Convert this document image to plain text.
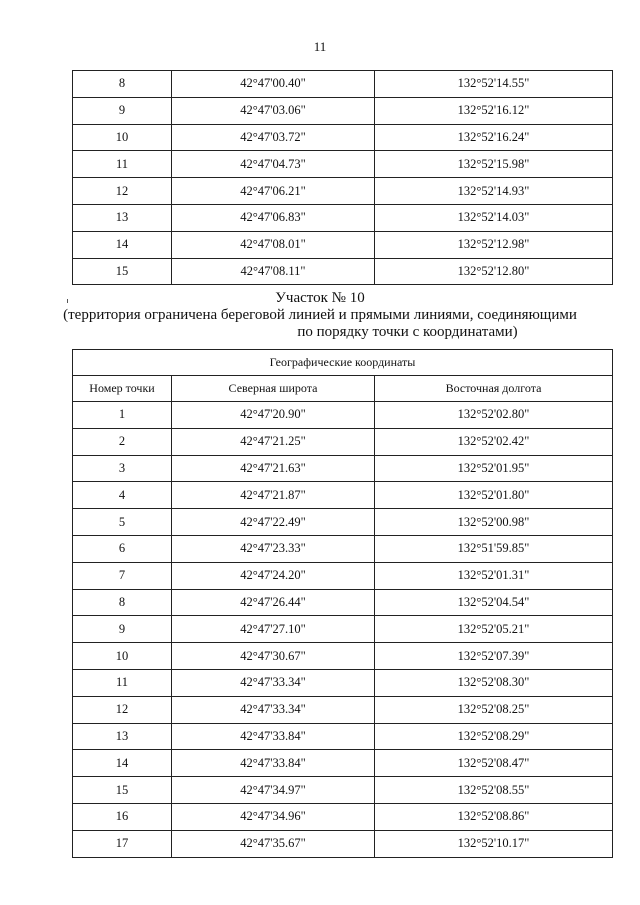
11
8	42°47'00.40"	132°52'14.55"
9	42°47'03.06"	132°52'16.12"
10	42°47'03.72"	132°52'16.24"
11	42°47'04.73"	132°52'15.98"
12	42°47'06.21"	132°52'14.93"
13	42°47'06.83"	132°52'14.03"
14	42°47'08.01"	132°52'12.98"
15	42°47'08.11"	132°52'12.80"
Участок № 10
(территория ограничена береговой линией и прямыми линиями, соединяющими
по порядку точки с координатами)
Географические координаты		
Номер точки	Северная широта	Восточная долгота
1	42°47'20.90"	132°52'02.80"
2	42°47'21.25"	132°52'02.42"
3	42°47'21.63"	132°52'01.95"
4	42°47'21.87"	132°52'01.80"
5	42°47'22.49"	132°52'00.98"
6	42°47'23.33"	132°51'59.85"
7	42°47'24.20"	132°52'01.31"
8	42°47'26.44"	132°52'04.54"
9	42°47'27.10"	132°52'05.21"
10	42°47'30.67"	132°52'07.39"
11	42°47'33.34"	132°52'08.30"
12	42°47'33.34"	132°52'08.25"
13	42°47'33.84"	132°52'08.29"
14	42°47'33.84"	132°52'08.47"
15	42°47'34.97"	132°52'08.55"
16	42°47'34.96"	132°52'08.86"
17	42°47'35.67"	132°52'10.17"
